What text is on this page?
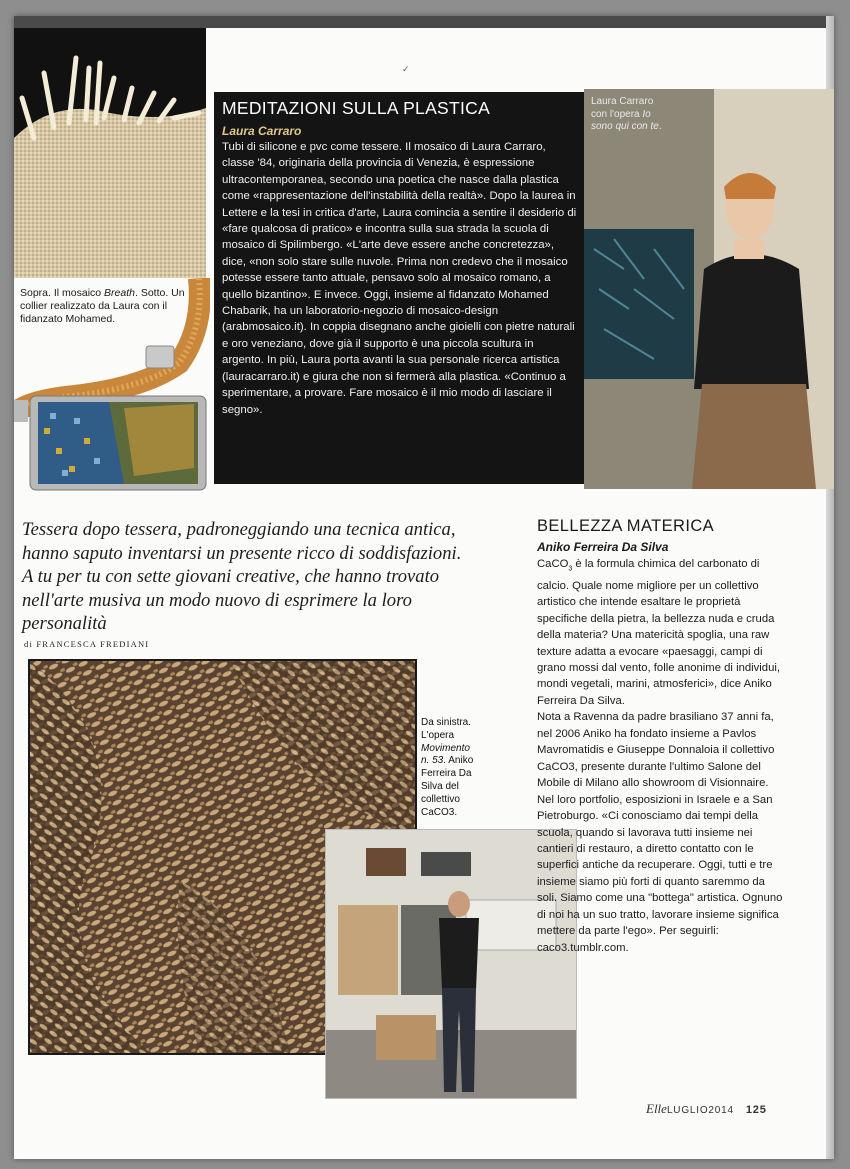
✓
Sopra. Il mosaico Breath. Sotto. Un collier realizzato da Laura con il fidanzato Mohamed.
MEDITAZIONI SULLA PLASTICA
Laura Carraro
Tubi di silicone e pvc come tessere. Il mosaico di Laura Carraro, classe '84, originaria della provincia di Venezia, è espressione ultracontemporanea, secondo una poetica che nasce dalla plastica come «rappresentazione dell'instabilità della realtà». Dopo la laurea in Lettere e la tesi in critica d'arte, Laura comincia a sentire il desiderio di «fare qualcosa di pratico» e incontra sulla sua strada la scuola di mosaico di Spilimbergo. «L'arte deve essere anche concretezza», dice, «non solo stare sulle nuvole. Prima non credevo che il mosaico potesse essere tanto attuale, pensavo solo al mosaico romano, a quello bizantino». E invece. Oggi, insieme al fidanzato Mohamed Chabarik, ha un laboratorio-negozio di mosaico-design (arabmosaico.it). In coppia disegnano anche gioielli con pietre naturali e oro veneziano, dove già il supporto è una piccola scultura in argento. In più, Laura porta avanti la sua personale ricerca artistica (lauracarraro.it) e giura che non si fermerà alla plastica. «Continuo a sperimentare, a provare. Fare mosaico è il mio modo di lasciare il segno».
Laura Carraro con l'opera Io sono qui con te.
Tessera dopo tessera, padroneggiando una tecnica antica, hanno saputo inventarsi un presente ricco di soddisfazioni. A tu per tu con sette giovani creative, che hanno trovato nell'arte musiva un modo nuovo di esprimere la loro personalità
di FRANCESCA FREDIANI
Da sinistra. L'opera Movimento n. 53. Aniko Ferreira Da Silva del collettivo CaCO3.
BELLEZZA MATERICA
Aniko Ferreira Da Silva
CaCO$_3$ è la formula chimica del carbonato di calcio. Quale nome migliore per un collettivo artistico che intende esaltare le proprietà specifiche della pietra, la bellezza nuda e cruda della materia? Una matericità spoglia, una raw texture adatta a evocare «paesaggi, campi di grano mossi dal vento, folle anonime di individui, mondi vegetali, marini, atmosferici», dice Aniko Ferreira Da Silva.
Nota a Ravenna da padre brasiliano 37 anni fa, nel 2006 Aniko ha fondato insieme a Pavlos Mavromatidis e Giuseppe Donnaloia il collettivo CaCO3, presente durante l'ultimo Salone del Mobile di Milano allo showroom di Visionnaire. Nel loro portfolio, esposizioni in Israele e a San Pietroburgo. «Ci conosciamo dai tempi della scuola, quando si lavorava tutti insieme nei cantieri di restauro, a diretto contatto con le superfici antiche da recuperare. Oggi, tutti e tre insieme siamo più forti di quanto saremmo da soli. Siamo come una "bottega" artistica. Ognuno di noi ha un suo tratto, lavorare insieme significa mettere da parte l'ego». Per seguirli: caco3.tumblr.com.
ElleLUGLIO2014 125
